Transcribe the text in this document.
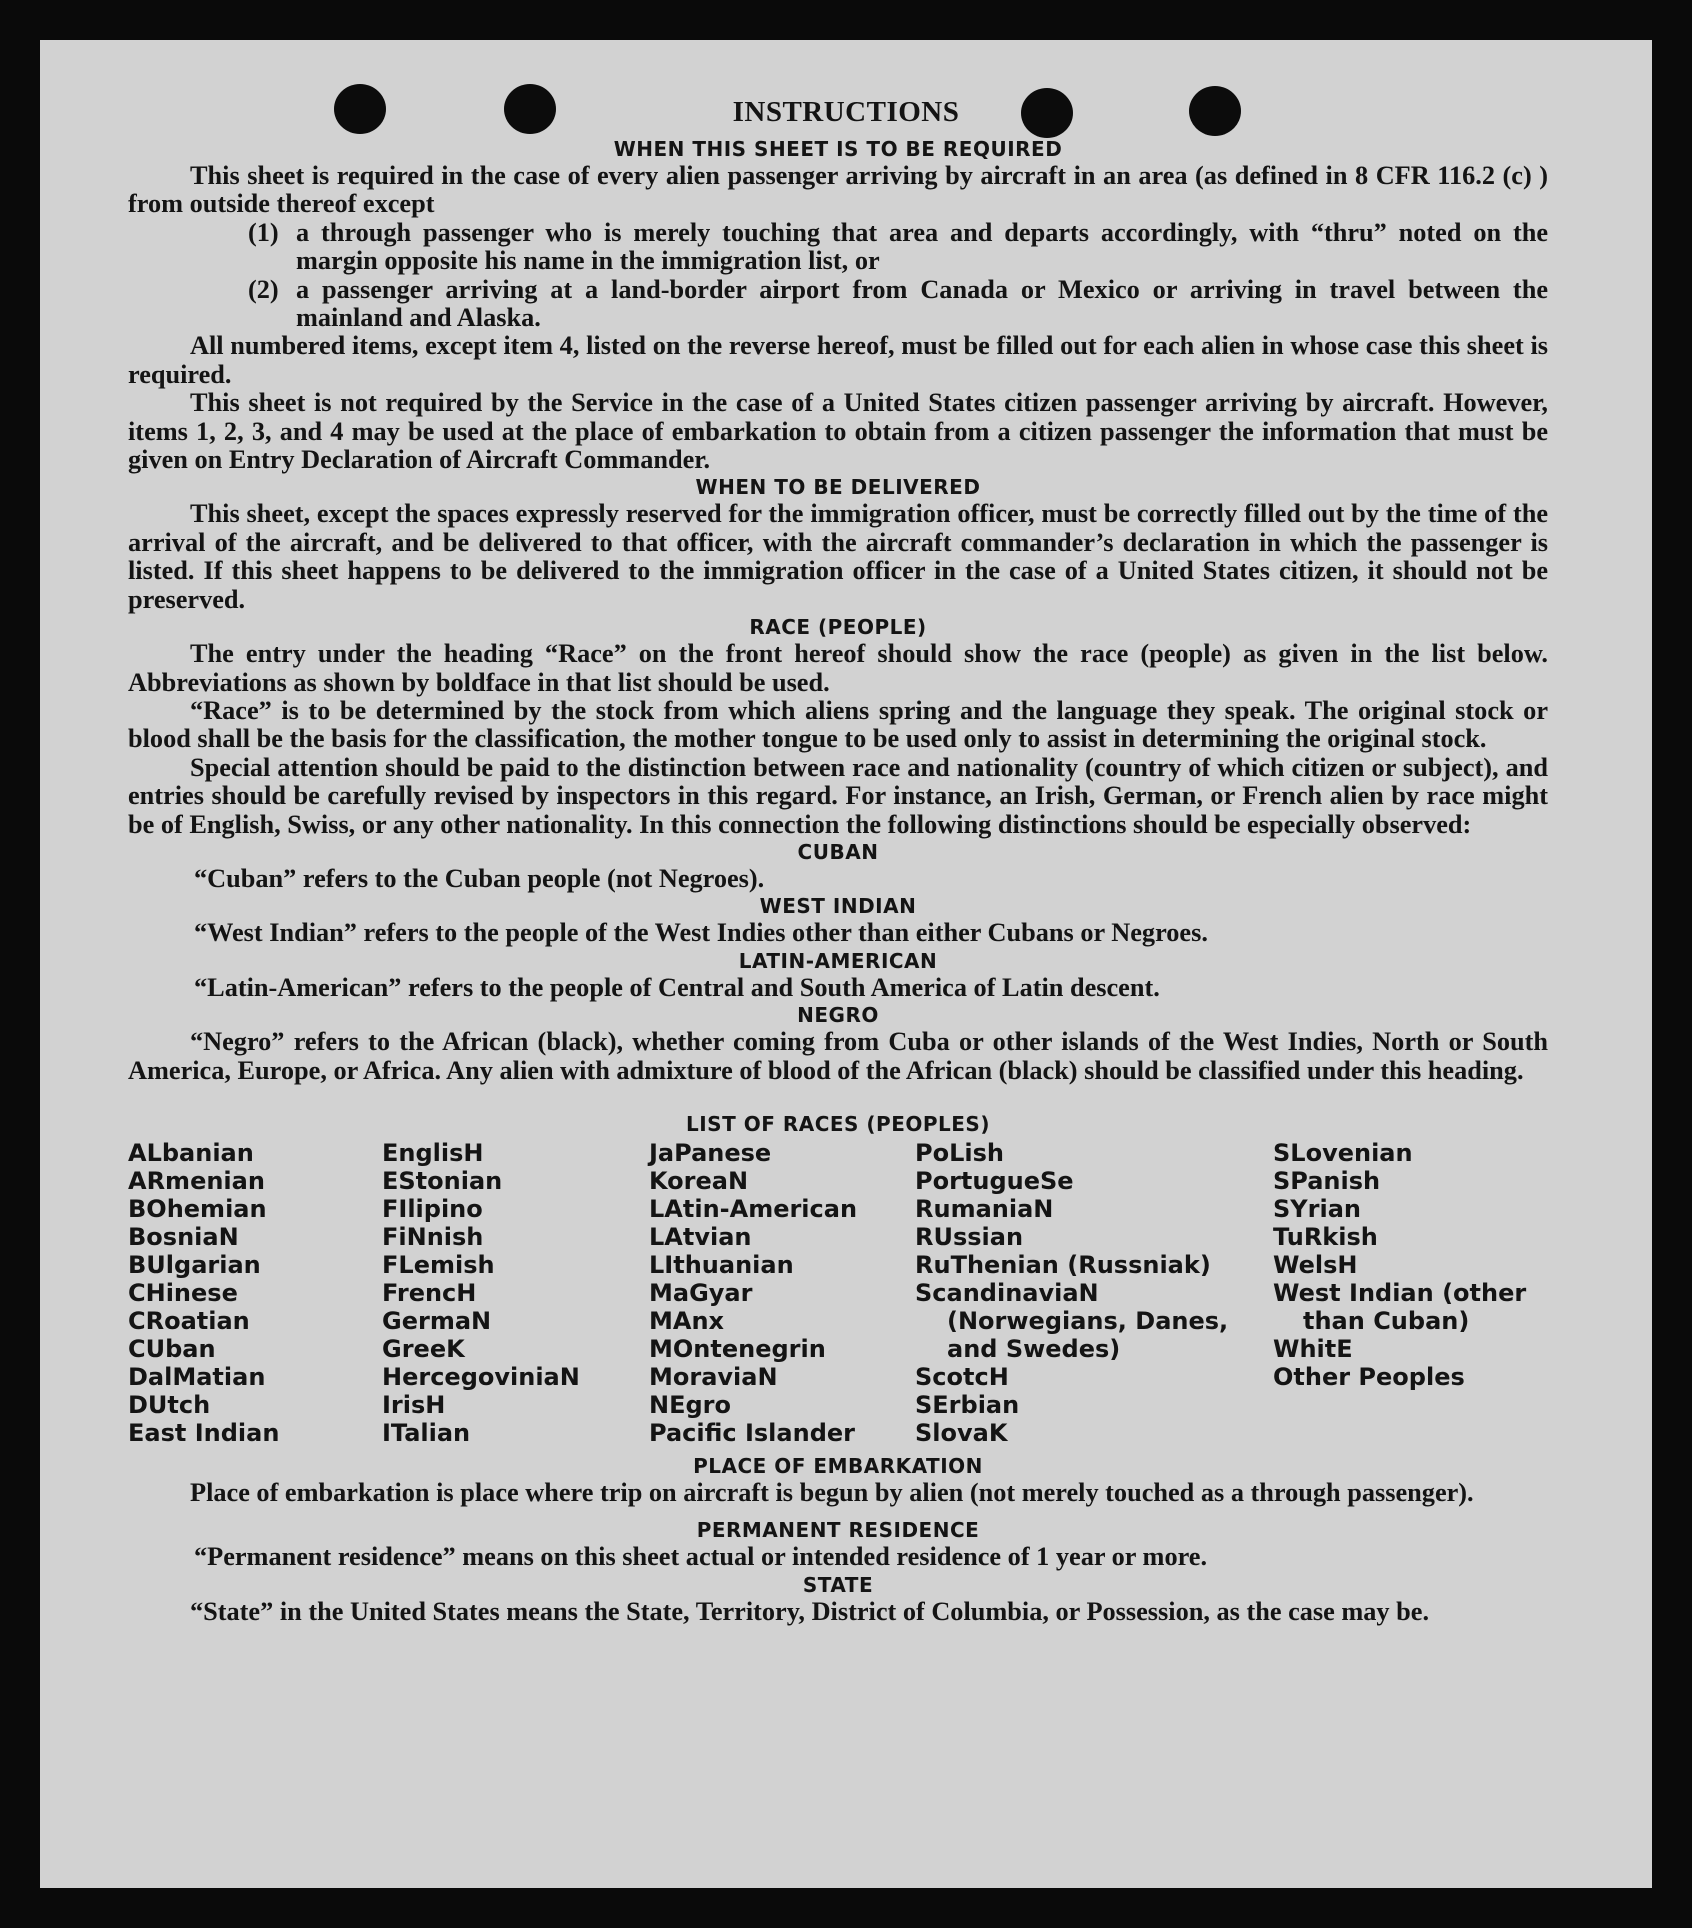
INSTRUCTIONS
WHEN THIS SHEET IS TO BE REQUIRED

This sheet is required in the case of every alien passenger arriving by aircraft in an area (as defined in 8 CFR 116.2 (c) ) from outside thereof except

(1) a through passenger who is merely touching that area and departs accordingly, with “thru” noted on the margin opposite his name in the immigration list, or
(2) a passenger arriving at a land-border airport from Canada or Mexico or arriving in travel between the mainland and Alaska.

All numbered items, except item 4, listed on the reverse hereof, must be filled out for each alien in whose case this sheet is required.

This sheet is not required by the Service in the case of a United States citizen passenger arriving by aircraft. However, items 1, 2, 3, and 4 may be used at the place of embarkation to obtain from a citizen passenger the information that must be given on Entry Declaration of Aircraft Commander.

WHEN TO BE DELIVERED

This sheet, except the spaces expressly reserved for the immigration officer, must be correctly filled out by the time of the arrival of the aircraft, and be delivered to that officer, with the aircraft commander’s declaration in which the passenger is listed. If this sheet happens to be delivered to the immigration officer in the case of a United States citizen, it should not be preserved.

RACE (PEOPLE)

The entry under the heading “Race” on the front hereof should show the race (people) as given in the list below. Abbreviations as shown by boldface in that list should be used.

“Race” is to be determined by the stock from which aliens spring and the language they speak. The original stock or blood shall be the basis for the classification, the mother tongue to be used only to assist in determining the original stock.

Special attention should be paid to the distinction between race and nationality (country of which citizen or subject), and entries should be carefully revised by inspectors in this regard. For instance, an Irish, German, or French alien by race might be of English, Swiss, or any other nationality. In this connection the following distinctions should be especially observed:

CUBAN

“Cuban” refers to the Cuban people (not Negroes).

WEST INDIAN

“West Indian” refers to the people of the West Indies other than either Cubans or Negroes.

LATIN-AMERICAN

“Latin-American” refers to the people of Central and South America of Latin descent.

NEGRO

“Negro” refers to the African (black), whether coming from Cuba or other islands of the West Indies, North or South America, Europe, or Africa. Any alien with admixture of blood of the African (black) should be classified under this heading.

LIST OF RACES (PEOPLES)
ALbanian
ARmenian
BOhemian
BosniaN
BUlgarian
CHinese
CRoatian
CUban
DalMatian
DUtch
East Indian
EnglisH
EStonian
FIlipino
FiNnish
FLemish
FrencH
GermaN
GreeK
HercegoviniaN
IrisH
ITalian
JaPanese
KoreaN
LAtin-American
LAtvian
LIthuanian
MaGyar
MAnx
MOntenegrin
MoraviaN
NEgro
Pacific Islander
PoLish
PortugueSe
RumaniaN
RUssian
RuThenian (Russniak)
ScandinaviaN (Norwegians, Danes, and Swedes)
ScotcH
SErbian
SlovaK
SLovenian
SPanish
SYrian
TuRkish
WelsH
West Indian (other than Cuban)
WhitE
Other Peoples
PLACE OF EMBARKATION

Place of embarkation is place where trip on aircraft is begun by alien (not merely touched as a through passenger).

PERMANENT RESIDENCE

“Permanent residence” means on this sheet actual or intended residence of 1 year or more.

STATE

“State” in the United States means the State, Territory, District of Columbia, or Possession, as the case may be.
